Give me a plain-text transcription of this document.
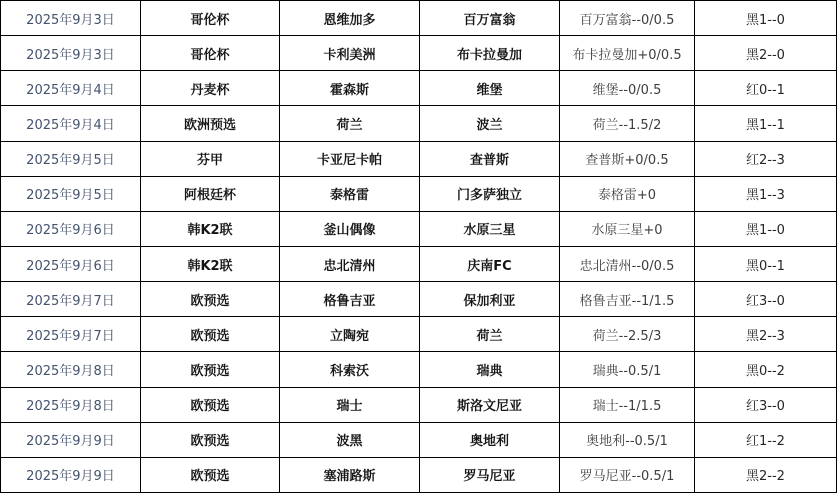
2025年9月3日	哥伦杯	恩维加多	百万富翁	百万富翁--0/0.5	黑1--0
2025年9月3日	哥伦杯	卡利美洲	布卡拉曼加	布卡拉曼加+0/0.5	黑2--0
2025年9月4日	丹麦杯	霍森斯	维堡	维堡--0/0.5	红0--1
2025年9月4日	欧洲预选	荷兰	波兰	荷兰--1.5/2	黑1--1
2025年9月5日	芬甲	卡亚尼卡帕	查普斯	查普斯+0/0.5	红2--3
2025年9月5日	阿根廷杯	泰格雷	门多萨独立	泰格雷+0	黑1--3
2025年9月6日	韩K2联	釜山偶像	水原三星	水原三星+0	黑1--0
2025年9月6日	韩K2联	忠北清州	庆南FC	忠北清州--0/0.5	黑0--1
2025年9月7日	欧预选	格鲁吉亚	保加利亚	格鲁吉亚--1/1.5	红3--0
2025年9月7日	欧预选	立陶宛	荷兰	荷兰--2.5/3	黑2--3
2025年9月8日	欧预选	科索沃	瑞典	瑞典--0.5/1	黑0--2
2025年9月8日	欧预选	瑞士	斯洛文尼亚	瑞士--1/1.5	红3--0
2025年9月9日	欧预选	波黑	奥地利	奥地利--0.5/1	红1--2
2025年9月9日	欧预选	塞浦路斯	罗马尼亚	罗马尼亚--0.5/1	黑2--2
